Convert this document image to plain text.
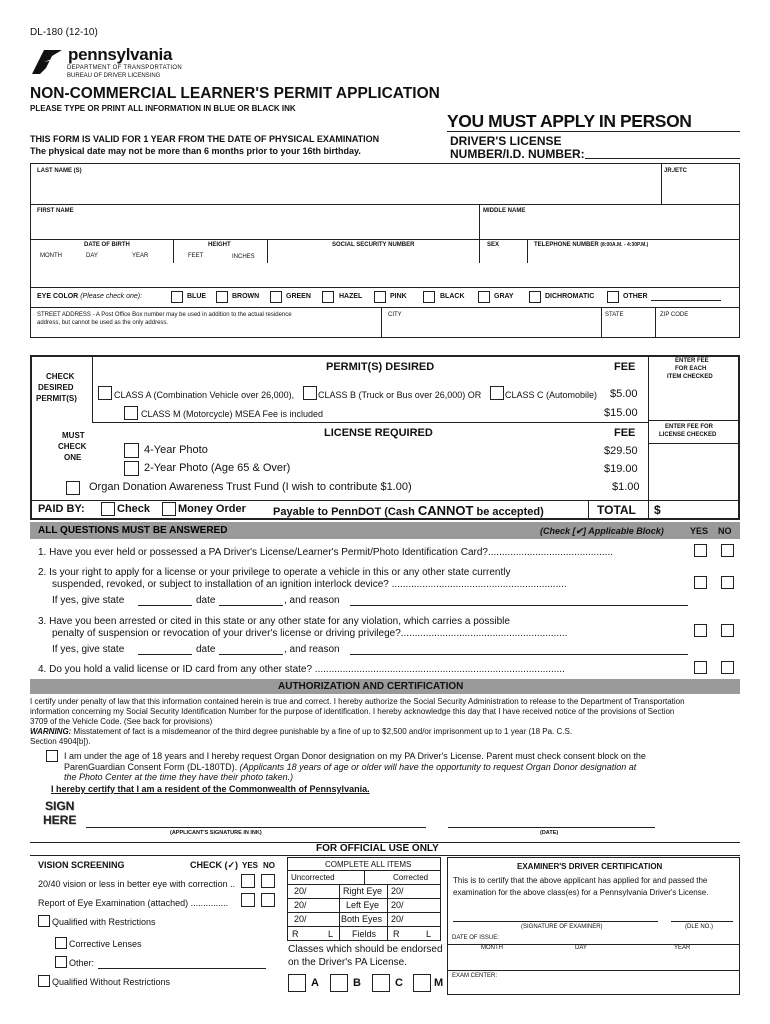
DL-180 (12-10)
pennsylvania
DEPARTMENT OF TRANSPORTATION
BUREAU OF DRIVER LICENSING
NON-COMMERCIAL LEARNER'S PERMIT APPLICATION
PLEASE TYPE OR PRINT ALL INFORMATION IN BLUE OR BLACK INK
YOU MUST APPLY IN PERSON
THIS FORM IS VALID FOR 1 YEAR FROM THE DATE OF PHYSICAL EXAMINATION
The physical date may not be more than 6 months prior to your 16th birthday.
DRIVER'S LICENSE
NUMBER/I.D. NUMBER:
LAST NAME (S)	JR./ETC
FIRST NAME	MIDDLE NAME
DATE OF BIRTH
MONTH	DAY	YEAR
HEIGHT
FEET	INCHES
SOCIAL SECURITY NUMBER	SEX	TELEPHONE NUMBER (8:00A.M. - 4:30P.M.)
EYE COLOR (Please check one):	BLUE	BROWN	GREEN	HAZEL	PINK	BLACK	GRAY	DICHROMATIC	OTHER
STREET ADDRESS - A Post Office Box number may be used in addition to the actual residence
address, but cannot be used as the only address.
CITY	STATE	ZIP CODE
CHECK
DESIRED
PERMIT(S)
PERMIT(S) DESIRED	FEE	ENTER FEE
FOR EACH
ITEM CHECKED
CLASS A (Combination Vehicle over 26,000),	CLASS B (Truck or Bus over 26,000) OR	CLASS C (Automobile) $5.00
CLASS M (Motorcycle) MSEA Fee is included	$15.00
MUST
CHECK
ONE
LICENSE REQUIRED	FEE	ENTER FEE FOR
LICENSE CHECKED
4-Year Photo	$29.50
2-Year Photo (Age 65 & Over)	$19.00
Organ Donation Awareness Trust Fund (I wish to contribute $1.00)	$1.00
PAID BY:	Check	Money Order Payable to PennDOT (Cash CANNOT be accepted)	TOTAL $
ALL QUESTIONS MUST BE ANSWERED	(Check [✔] Applicable Block)	YES NO
1. Have you ever held or possessed a PA Driver's License/Learner's Permit/Photo Identification Card?.............................................
2. Is your right to apply for a license or your privilege to operate a vehicle in this or any other state currently
suspended, revoked, or subject to installation of an ignition interlock device? ...............................................................
If yes, give state	date	, and reason
3. Have you been arrested or cited in this state or any other state for any violation, which carries a possible
penalty of suspension or revocation of your driver's license or driving privilege?............................................................
If yes, give state	date	, and reason
4. Do you hold a valid license or ID card from any other state? ..........................................................................................
AUTHORIZATION AND CERTIFICATION
I certify under penalty of law that this information contained herein is true and correct. I hereby authorize the Social Security Administration to release to the Department of Transportation
information concerning my Social Security Identification Number for the purpose of identification. I hereby acknowledge this day that I have received notice of the provisions of Section
3709 of the Vehicle Code. (See back for provisions)
WARNING: Misstatement of fact is a misdemeanor of the third degree punishable by a fine of up to $2,500 and/or imprisonment up to 1 year (18 Pa. C.S.
Section 4904[b]).
I am under the age of 18 years and I hereby request Organ Donor designation on my PA Driver's License. Parent must check consent block on the
ParenGuardian Consent Form (DL-180TD). (Applicants 18 years of age or older will have the opportunity to request Organ Donor designation at
the Photo Center at the time they have their photo taken.)
I hereby certify that I am a resident of the Commonwealth of Pennsylvania.
SIGN
HERE
(APPLICANT'S SIGNATURE IN INK)	(DATE)
FOR OFFICIAL USE ONLY
VISION SCREENING	CHECK (✓) YES NO
20/40 vision or less in better eye with correction ..
Report of Eye Examination (attached) ...............
Qualified with Restrictions
Corrective Lenses
Other:
Qualified Without Restrictions
COMPLETE ALL ITEMS
Uncorrected	Corrected
20/	Right Eye 20/
20/	Left Eye 20/
20/	Both Eyes 20/
R	L Fields R	L
Classes which should be endorsed
on the Driver's PA License.
A	B	C	M
EXAMINER'S DRIVER CERTIFICATION
This is to certify that the above applicant has applied for and passed the
examination for the above class(es) for a Pennsylvania Driver's License.
(SIGNATURE OF EXAMINER)	(DLE NO.)
DATE OF ISSUE:
MONTH	DAY	YEAR
EXAM CENTER:
